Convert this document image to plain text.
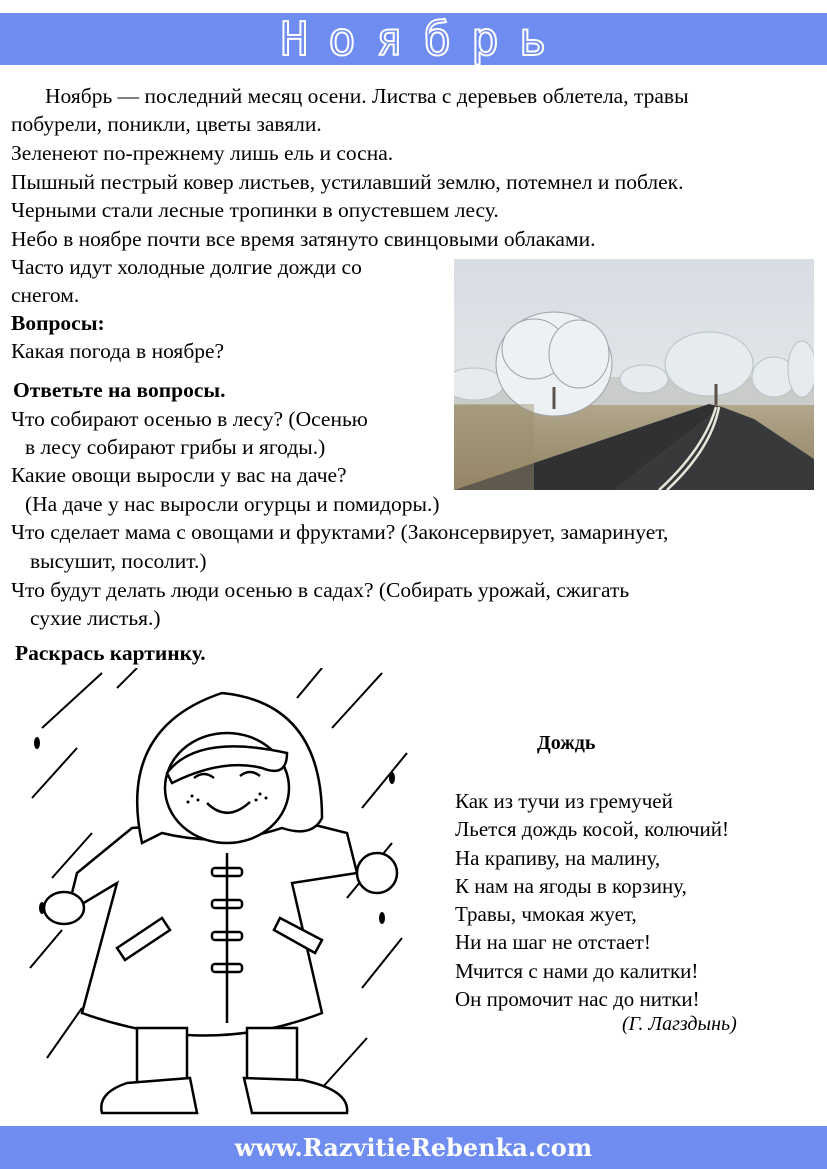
Ноябрь
Ноябрь — последний месяц осени. Листва с деревьев облетела, травы
побурели, поникли, цветы завяли.
Зеленеют по-прежнему лишь ель и сосна.
Пышный пестрый ковер листьев, устилавший землю, потемнел и поблек.
Черными стали лесные тропинки в опустевшем лесу.
Небо в ноябре почти все время затянуто свинцовыми облаками.
Часто идут холодные долгие дожди со
снегом.
Вопросы:
Какая погода в ноябре?
Ответьте на вопросы.
Что собирают осенью в лесу? (Осенью
в лесу собирают грибы и ягоды.)
Какие овощи выросли у вас на даче?
(На даче у нас выросли огурцы и помидоры.)
Что сделает мама с овощами и фруктами? (Законсервирует, замаринует,
высушит, посолит.)
Что будут делать люди осенью в садах? (Собирать урожай, сжигать
сухие листья.)
Раскрась картинку.
Дождь
Как из тучи из гремучей
Льется дождь косой, колючий!
На крапиву, на малину,
К нам на ягоды в корзину,
Травы, чмокая жует,
Ни на шаг не отстает!
Мчится с нами до калитки!
Он промочит нас до нитки!
(Г. Лагздынь)
www.RazvitieRebenka.com
